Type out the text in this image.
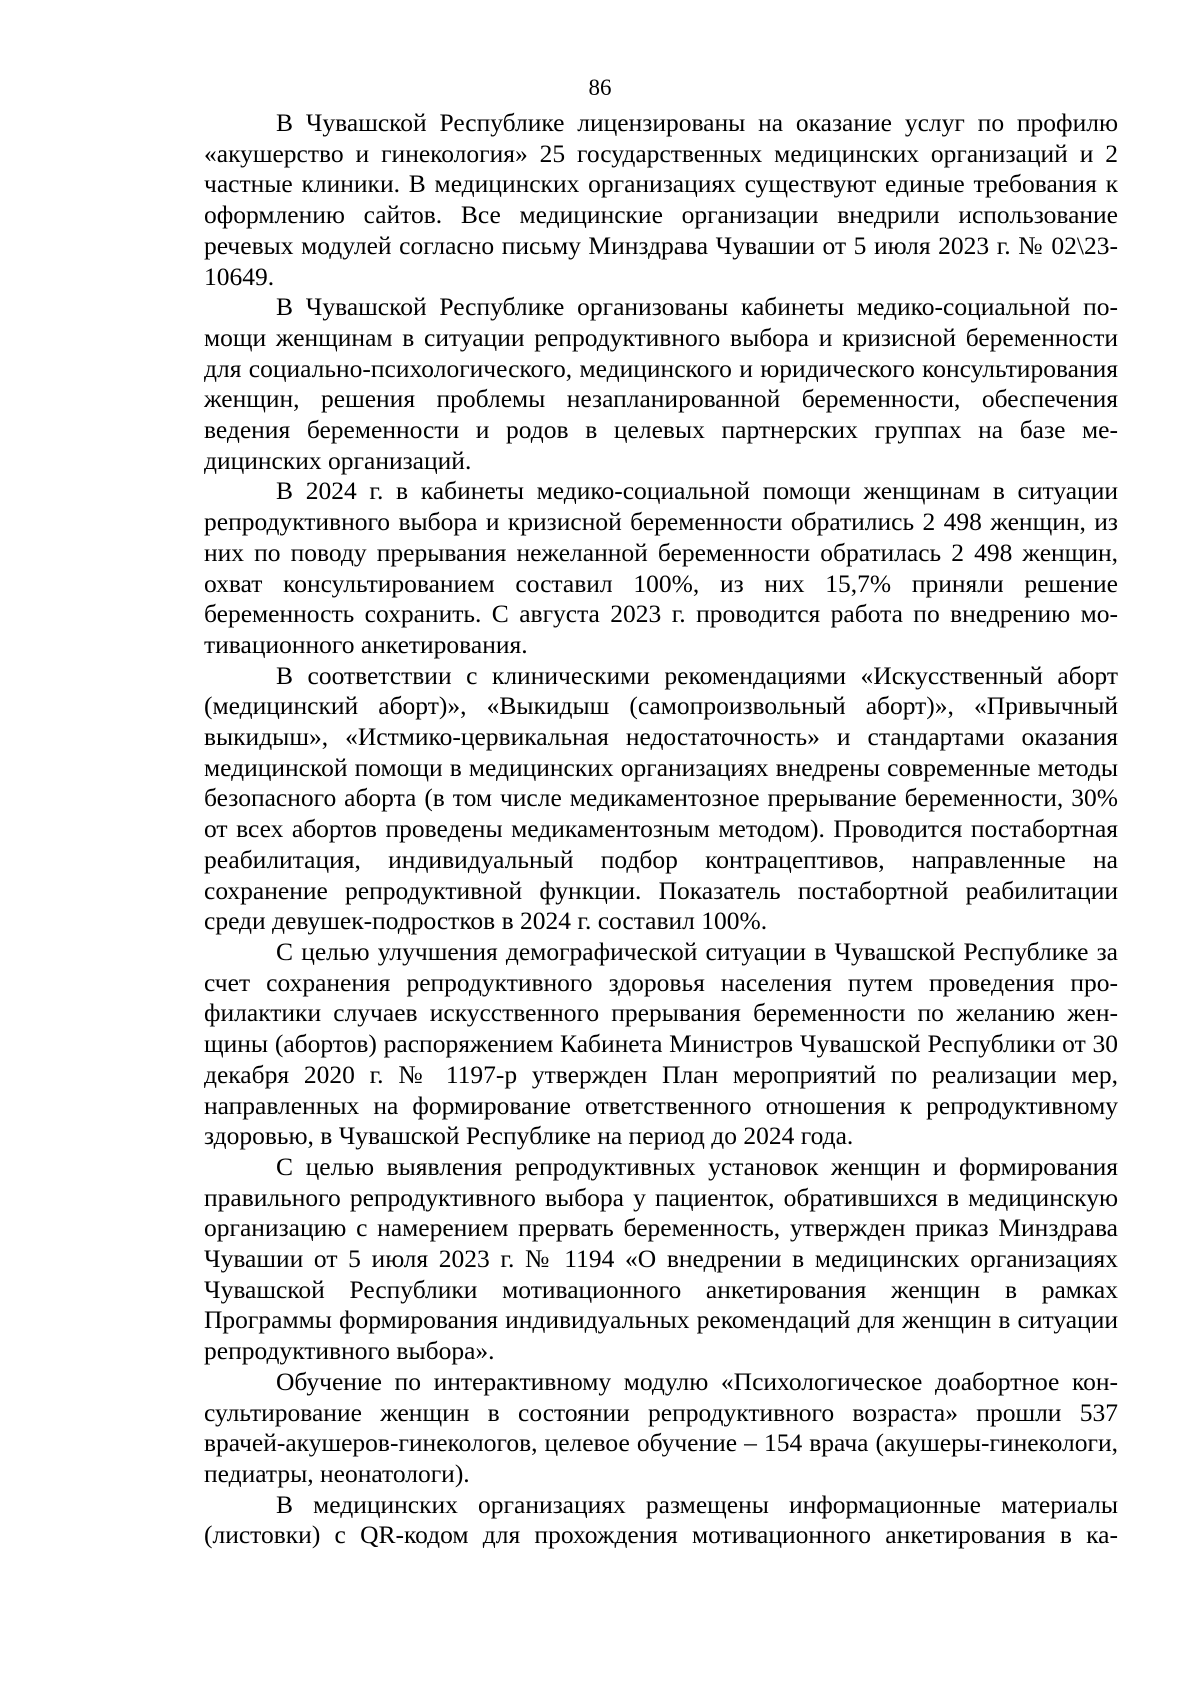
86

В Чувашской Республике лицензированы на оказание услуг по профилю «акушерство и гинекология» 25 государственных медицинских организаций и 2 частные клиники. В медицинских организациях существуют единые требования к оформлению сайтов. Все медицинские организации внедрили использование речевых модулей согласно письму Минздрава Чувашии от 5 июля 2023 г. № 02\23-10649.

В Чувашской Республике организованы кабинеты медико-социальной помощи женщинам в ситуации репродуктивного выбора и кризисной беременности для социально-психологического, медицинского и юридического консультирования женщин, решения проблемы незапланированной беременности, обеспечения ведения беременности и родов в целевых партнерских группах на базе медицинских организаций.

В 2024 г. в кабинеты медико-социальной помощи женщинам в ситуации репродуктивного выбора и кризисной беременности обратились 2 498 женщин, из них по поводу прерывания нежеланной беременности обратилась 2 498 женщин, охват консультированием составил 100%, из них 15,7% приняли решение беременность сохранить. С августа 2023 г. проводится работа по внедрению мотивационного анкетирования.

В соответствии с клиническими рекомендациями «Искусственный аборт (медицинский аборт)», «Выкидыш (самопроизвольный аборт)», «Привычный выкидыш», «Истмико-цервикальная недостаточность» и стандартами оказания медицинской помощи в медицинских организациях внедрены современные методы безопасного аборта (в том числе медикаментозное прерывание беременности, 30% от всех абортов проведены медикаментозным методом). Проводится постабортная реабилитация, индивидуальный подбор контрацептивов, направленные на сохранение репродуктивной функции. Показатель постабортной реабилитации среди девушек-подростков в 2024 г. составил 100%.

С целью улучшения демографической ситуации в Чувашской Республике за счет сохранения репродуктивного здоровья населения путем проведения профилактики случаев искусственного прерывания беременности по желанию женщины (абортов) распоряжением Кабинета Министров Чувашской Республики от 30 декабря 2020 г. № 1197-р утвержден План мероприятий по реализации мер, направленных на формирование ответственного отношения к репродуктивному здоровью, в Чувашской Республике на период до 2024 года.

С целью выявления репродуктивных установок женщин и формирования правильного репродуктивного выбора у пациенток, обратившихся в медицинскую организацию с намерением прервать беременность, утвержден приказ Минздрава Чувашии от 5 июля 2023 г. № 1194 «О внедрении в медицинских организациях Чувашской Республики мотивационного анкетирования женщин в рамках Программы формирования индивидуальных рекомендаций для женщин в ситуации репродуктивного выбора».

Обучение по интерактивному модулю «Психологическое доабортное консультирование женщин в состоянии репродуктивного возраста» прошли 537 врачей-акушеров-гинекологов, целевое обучение – 154 врача (акушеры-гинекологи, педиатры, неонатологи).

В медицинских организациях размещены информационные материалы (листовки) с QR-кодом для прохождения мотивационного анкетирования в ка-
